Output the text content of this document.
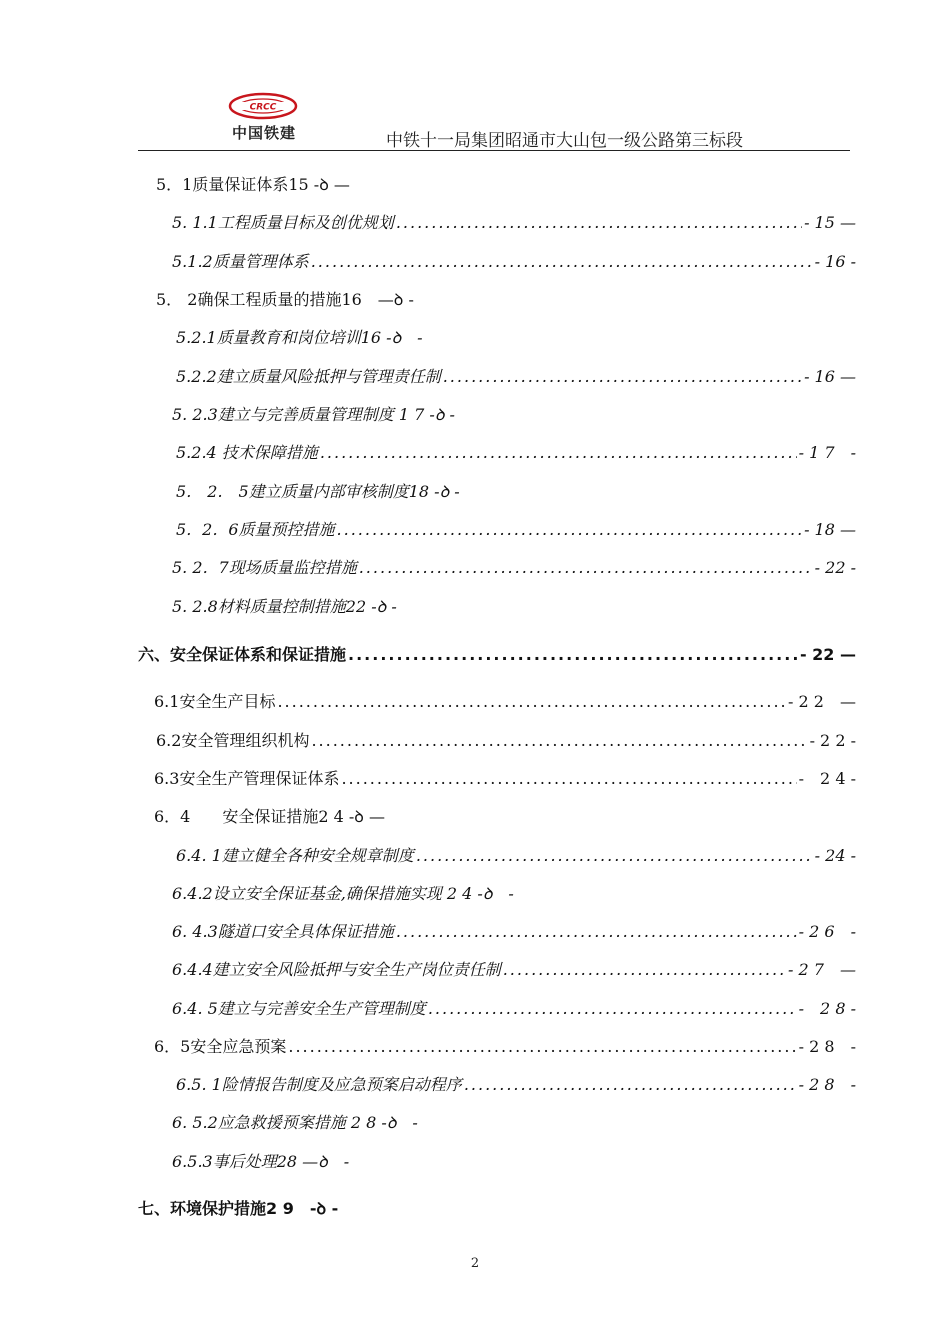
CRCC
中国铁建	中铁十一局集团昭通市大山包一级公路第三标段
5．1质量保证体系15 -ꝺ —
5. 1.1工程质量目标及创优规划 .....	- 15 —
5.1.2质量管理体系 .....	- 16 -
5． 2确保工程质量的措施16　—ꝺ -
5.2.1质量教育和岗位培训16 -ꝺ　-
5.2.2建立质量风险抵押与管理责任制 .....	- 16 —
5. 2.3建立与完善质量管理制度 1 7 -ꝺ -
5.2.4 技术保障措施 .....	- 1 7　-
5． 2.　5建立质量内部审核制度18 -ꝺ -
5．2．6质量预控措施 .....	- 18 —
5. 2．7现场质量监控措施 .....	- 22 -
5. 2.8材料质量控制措施22 -ꝺ -
六、安全保证体系和保证措施 .....	- 22 —
6.1安全生产目标 .....	- 2 2　—
6.2安全管理组织机构 .....	- 2 2 -
6.3安全生产管理保证体系 .....	-　2 4 -
6．4　　安全保证措施2 4 -ꝺ —
6.4. 1建立健全各种安全规章制度 .....	- 24 -
6.4.2设立安全保证基金,确保措施实现 2 4 -ꝺ　-
6. 4.3隧道口安全具体保证措施 .....	- 2 6　-
6.4.4建立安全风险抵押与安全生产岗位责任制 .....	- 2 7　—
6.4. 5建立与完善安全生产管理制度 .....	-　2 8 -
6．5安全应急预案 .....	- 2 8　-
6.5. 1险情报告制度及应急预案启动程序 .....	- 2 8　-
6. 5.2应急救援预案措施 2 8 -ꝺ　-
6.5.3事后处理28 —ꝺ　-
七、环境保护措施2 9　-ꝺ -
2
